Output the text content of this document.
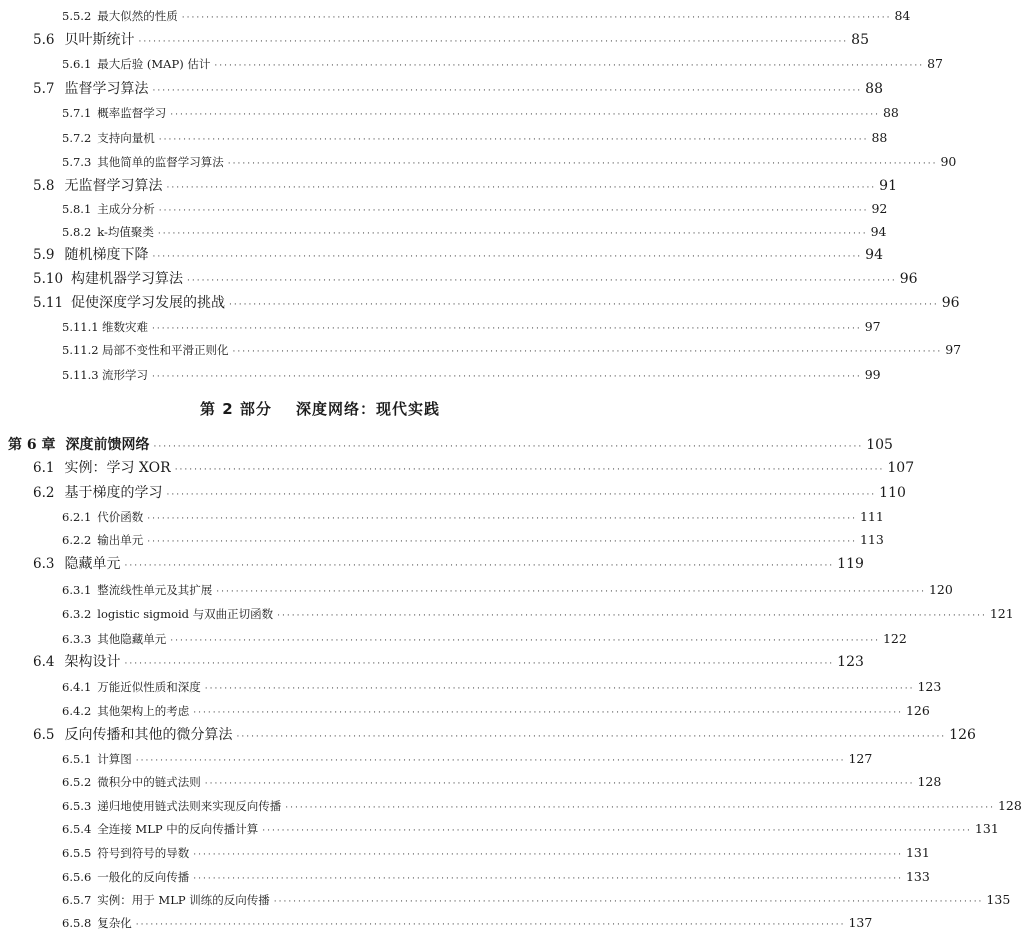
5.5.2 最大似然的性质 ·················································································································································· 84
5.6 贝叶斯统计 ·················································································································································· 85
5.6.1 最大后验 (MAP) 估计 ·················································································································································· 87
5.7 监督学习算法 ·················································································································································· 88
5.7.1 概率监督学习 ·················································································································································· 88
5.7.2 支持向量机 ·················································································································································· 88
5.7.3 其他简单的监督学习算法 ·················································································································································· 90
5.8 无监督学习算法 ·················································································································································· 91
5.8.1 主成分分析 ·················································································································································· 92
5.8.2 k-均值聚类 ·················································································································································· 94
5.9 随机梯度下降 ·················································································································································· 94
5.10 构建机器学习算法 ·················································································································································· 96
5.11 促使深度学习发展的挑战 ·················································································································································· 96
5.11.1 维数灾难 ·················································································································································· 97
5.11.2 局部不变性和平滑正则化 ·················································································································································· 97
5.11.3 流形学习 ·················································································································································· 99
第 6 章 深度前馈网络 ·················································································································································· 105
6.1 实例：学习 XOR ·················································································································································· 107
6.2 基于梯度的学习 ·················································································································································· 110
6.2.1 代价函数 ·················································································································································· 111
6.2.2 输出单元 ·················································································································································· 113
6.3 隐藏单元 ·················································································································································· 119
6.3.1 整流线性单元及其扩展 ·················································································································································· 120
6.3.2 logistic sigmoid 与双曲正切函数 ·················································································································································· 121
6.3.3 其他隐藏单元 ·················································································································································· 122
6.4 架构设计 ·················································································································································· 123
6.4.1 万能近似性质和深度 ·················································································································································· 123
6.4.2 其他架构上的考虑 ·················································································································································· 126
6.5 反向传播和其他的微分算法 ·················································································································································· 126
6.5.1 计算图 ·················································································································································· 127
6.5.2 微积分中的链式法则 ·················································································································································· 128
6.5.3 递归地使用链式法则来实现反向传播 ·················································································································································· 128
6.5.4 全连接 MLP 中的反向传播计算 ·················································································································································· 131
6.5.5 符号到符号的导数 ·················································································································································· 131
6.5.6 一般化的反向传播 ·················································································································································· 133
6.5.7 实例：用于 MLP 训练的反向传播 ·················································································································································· 135
6.5.8 复杂化 ·················································································································································· 137
第 2 部分 深度网络：现代实践
